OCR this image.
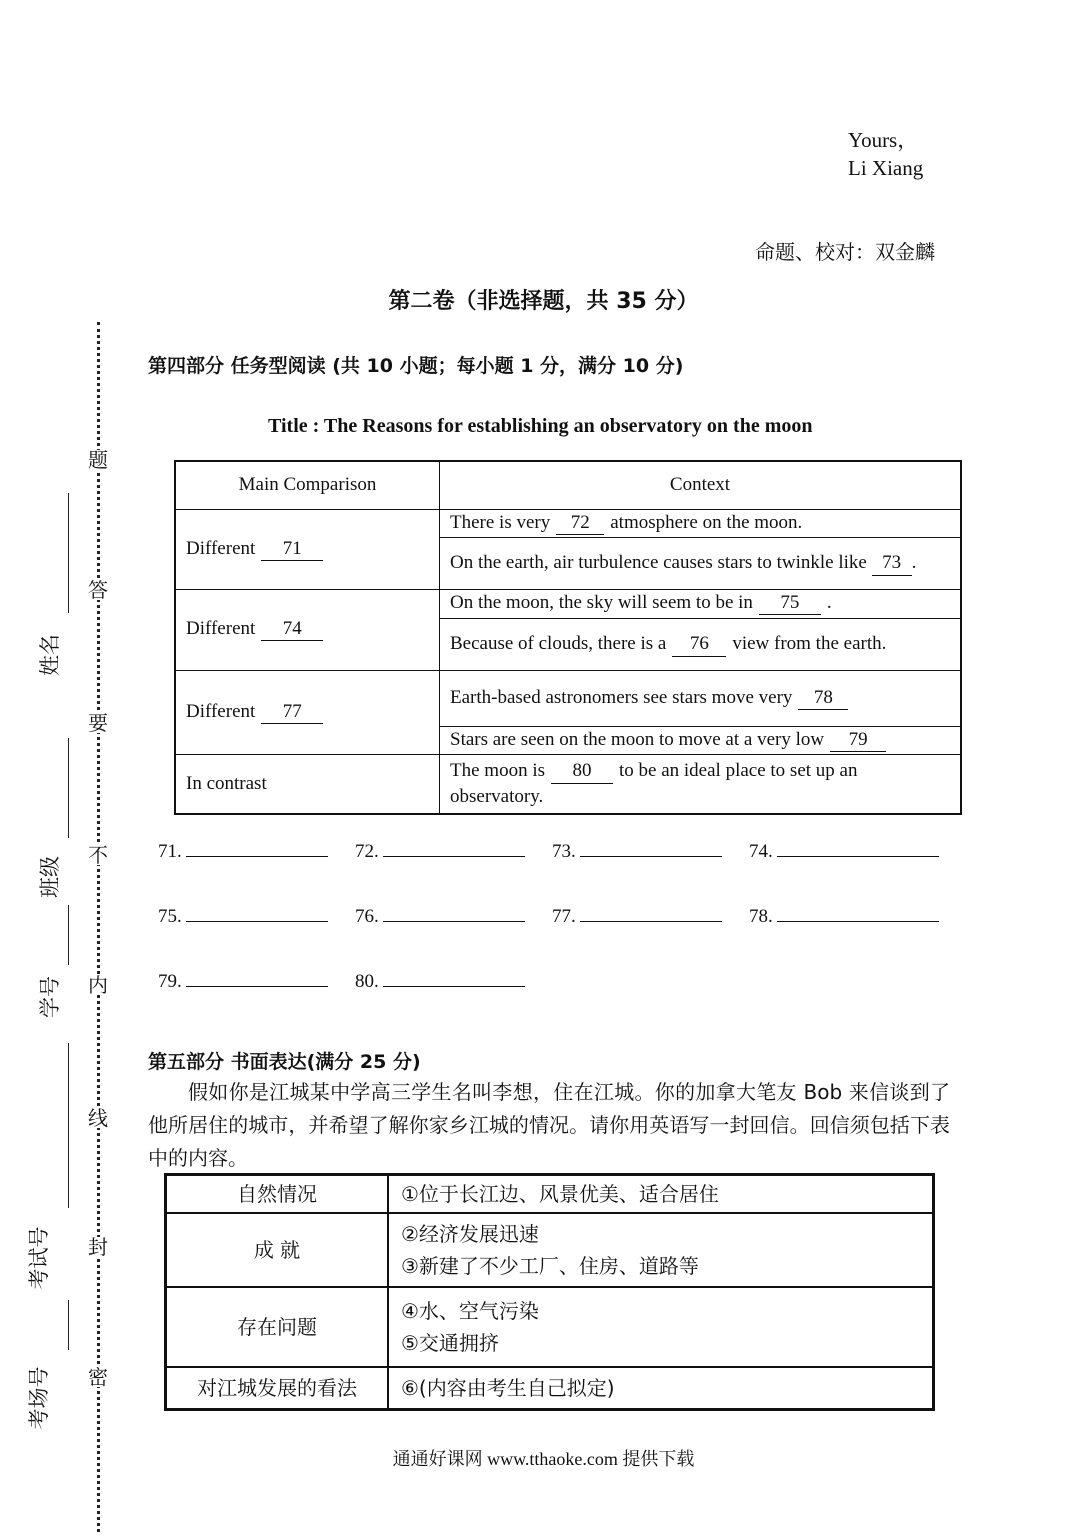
题
答
要
不
内
线
封
密
姓名
班级
学号
考试号
考场号
Yours，
Li Xiang
命题、校对：双金麟
第二卷（非选择题，共 35 分）
第四部分 任务型阅读 (共 10 小题；每小题 1 分，满分 10 分)
Title : The Reasons for establishing an observatory on the moon
Main Comparison	Context
Different 71	There is very 72 atmosphere on the moon.
	On the earth, air turbulence causes stars to twinkle like 73 .
Different 74	On the moon, the sky will seem to be in 75 .
	Because of clouds, there is a 76 view from the earth.
Different 77	Earth-based astronomers see stars move very 78
	Stars are seen on the moon to move at a very low 79
In contrast	The moon is 80 to be an ideal place to set up an observatory.
71.	72.	73.	74.
75.	76.	77.	78.
79.	80.
第五部分 书面表达(满分 25 分)
假如你是江城某中学高三学生名叫李想，住在江城。你的加拿大笔友 Bob 来信谈到了他所居住的城市，并希望了解你家乡江城的情况。请你用英语写一封回信。回信须包括下表中的内容。
自然情况	①位于长江边、风景优美、适合居住

成 就	②经济发展迅速
③新建了不少工厂、住房、道路等

存在问题	④水、空气污染
⑤交通拥挤

对江城发展的看法	⑥(内容由考生自己拟定)
通通好课网 www.tthaoke.com 提供下载
